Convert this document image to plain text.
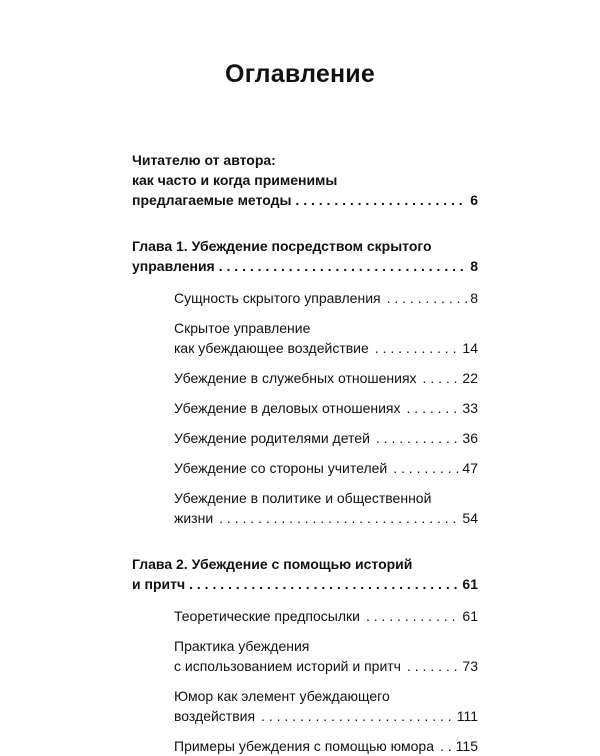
Оглавление
Читателю от автора:
как часто и когда применимы
предлагаемые методы . . .	6
Глава 1. Убеждение посредством скрытого
управления . . .	8
Сущность скрытого управления . . .	8
Скрытое управление
как убеждающее воздействие . . .	14
Убеждение в служебных отношениях . . .	22
Убеждение в деловых отношениях . . .	33
Убеждение родителями детей . . .	36
Убеждение со стороны учителей . . .	47
Убеждение в политике и общественной
жизни . . .	54
Глава 2. Убеждение с помощью историй
и притч . . .	61
Теоретические предпосылки . . .	61
Практика убеждения
с использованием историй и притч . . .	73
Юмор как элемент убеждающего
воздействия . . .	111
Примеры убеждения с помощью юмора . . . 115
